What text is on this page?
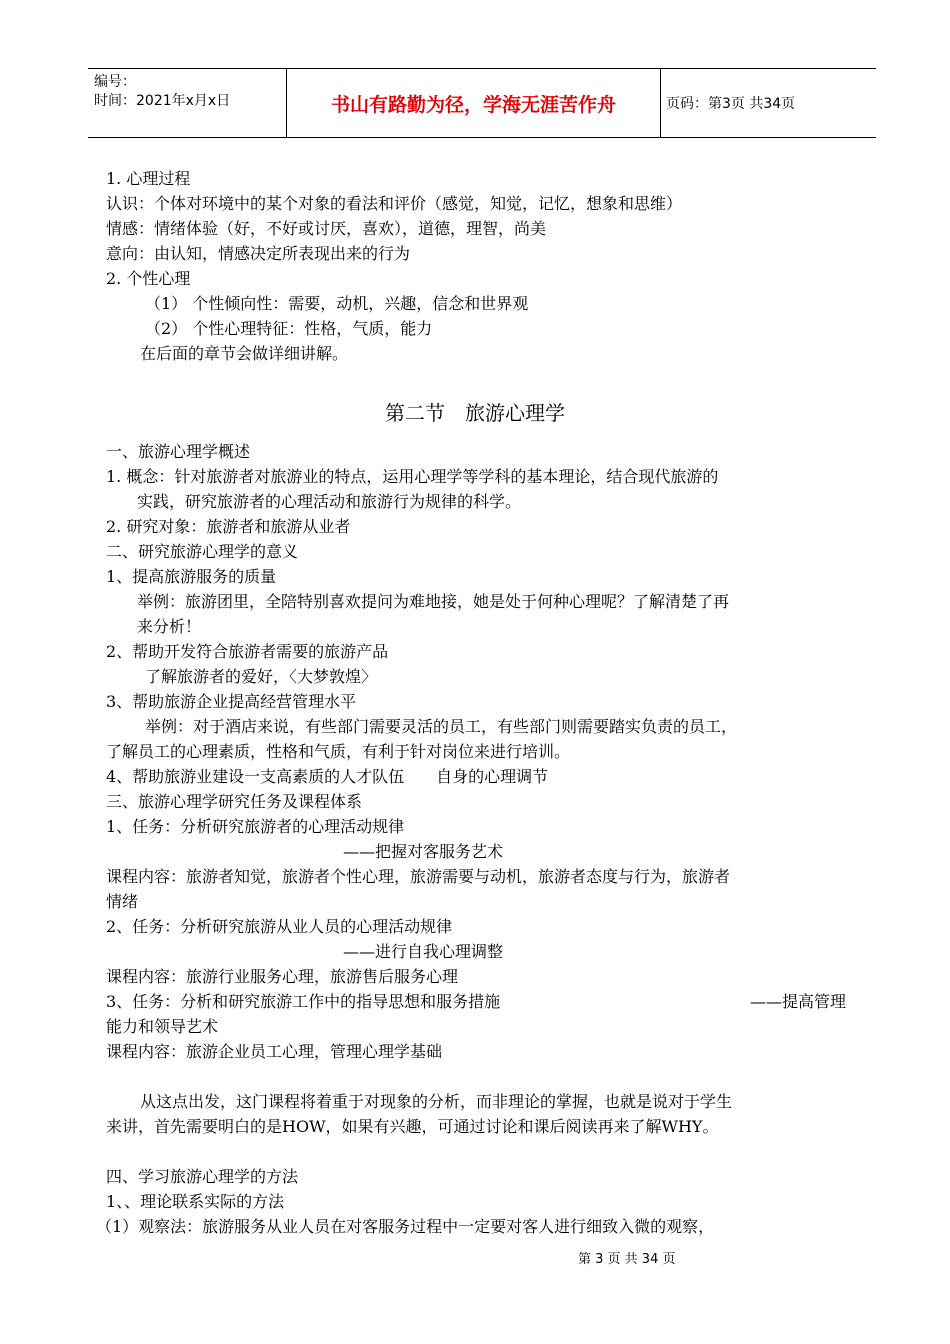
编号：
时间：2021年x月x日	书山有路勤为径，学海无涯苦作舟	页码：第3页 共34页
1. 心理过程
认识：个体对环境中的某个对象的看法和评价（感觉，知觉，记忆，想象和思维）
情感：情绪体验（好，不好或讨厌，喜欢），道德，理智，尚美
意向：由认知，情感决定所表现出来的行为
2. 个性心理
（1） 个性倾向性：需要，动机，兴趣，信念和世界观
（2） 个性心理特征：性格，气质，能力
在后面的章节会做详细讲解。
第二节　旅游心理学
一、旅游心理学概述
1. 概念：针对旅游者对旅游业的特点，运用心理学等学科的基本理论，结合现代旅游的
实践，研究旅游者的心理活动和旅游行为规律的科学。
2. 研究对象：旅游者和旅游从业者
二、研究旅游心理学的意义
1、提高旅游服务的质量
举例：旅游团里，全陪特别喜欢提问为难地接，她是处于何种心理呢？了解清楚了再
来分析！
2、帮助开发符合旅游者需要的旅游产品
了解旅游者的爱好，〈大梦敦煌〉
3、帮助旅游企业提高经营管理水平
举例：对于酒店来说，有些部门需要灵活的员工，有些部门则需要踏实负责的员工，
了解员工的心理素质，性格和气质，有利于针对岗位来进行培训。
4、帮助旅游业建设一支高素质的人才队伍　　自身的心理调节
三、旅游心理学研究任务及课程体系
1、任务：分析研究旅游者的心理活动规律
——把握对客服务艺术
课程内容：旅游者知觉，旅游者个性心理，旅游需要与动机，旅游者态度与行为，旅游者
情绪
2、任务：分析研究旅游从业人员的心理活动规律
——进行自我心理调整
课程内容：旅游行业服务心理，旅游售后服务心理
3、任务：分析和研究旅游工作中的指导思想和服务措施	——提高管理
能力和领导艺术
课程内容：旅游企业员工心理，管理心理学基础
从这点出发，这门课程将着重于对现象的分析，而非理论的掌握，也就是说对于学生
来讲，首先需要明白的是HOW，如果有兴趣，可通过讨论和课后阅读再来了解WHY。
四、学习旅游心理学的方法
1、、理论联系实际的方法
（1）观察法：旅游服务从业人员在对客服务过程中一定要对客人进行细致入微的观察，
第 3 页 共 34 页
